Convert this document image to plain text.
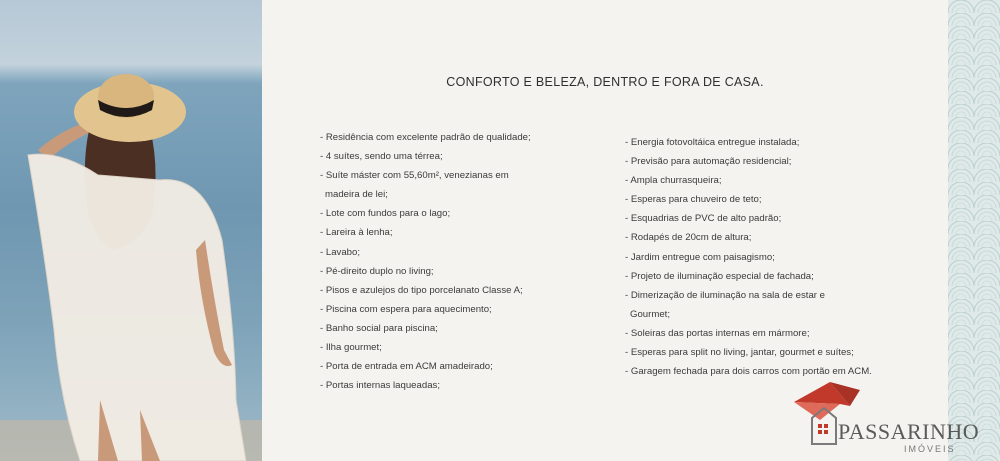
CONFORTO E BELEZA, DENTRO E FORA DE CASA.
- Residência com excelente padrão de qualidade;
- 4 suítes, sendo uma térrea;
- Suíte máster com 55,60m², venezianas em
madeira de lei;
- Lote com fundos para o lago;
- Lareira à lenha;
- Lavabo;
- Pé-direito duplo no living;
- Pisos e azulejos do tipo porcelanato Classe A;
- Piscina com espera para aquecimento;
- Banho social para piscina;
- Ilha gourmet;
- Porta de entrada em ACM amadeirado;
- Portas internas laqueadas;
- Energia fotovoltáica entregue instalada;
- Previsão para automação residencial;
- Ampla churrasqueira;
- Esperas para chuveiro de teto;
- Esquadrias de PVC de alto padrão;
- Rodapés de 20cm de altura;
- Jardim entregue com paisagismo;
- Projeto de iluminação especial de fachada;
- Dimerização de iluminação na sala de estar e
Gourmet;
- Soleiras das portas internas em mármore;
- Esperas para split no living, jantar, gourmet e suítes;
- Garagem fechada para dois carros com portão em ACM.
PASSARINHO
IMÓVEIS
